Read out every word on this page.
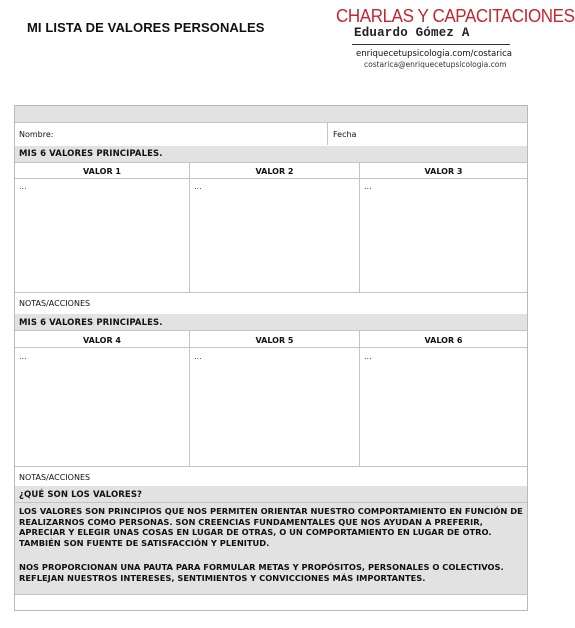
MI LISTA DE VALORES PERSONALES
CHARLAS Y CAPACITACIONES
Eduardo Gómez A
enriquecetupsicologia.com/costarica
costarica@enriquecetupsicologia.com
Nombre:	Fecha
MIS 6 VALORES PRINCIPALES.
VALOR 1	VALOR 2	VALOR 3
...	...	...
NOTAS/ACCIONES
MIS 6 VALORES PRINCIPALES.
VALOR 4	VALOR 5	VALOR 6
...	...	...
NOTAS/ACCIONES
¿QUÉ SON LOS VALORES?

LOS VALORES SON PRINCIPIOS QUE NOS PERMITEN ORIENTAR NUESTRO COMPORTAMIENTO EN FUNCIÓN DE REALIZARNOS COMO PERSONAS. SON CREENCIAS FUNDAMENTALES QUE NOS AYUDAN A PREFERIR, APRECIAR Y ELEGIR UNAS COSAS EN LUGAR DE OTRAS, O UN COMPORTAMIENTO EN LUGAR DE OTRO. TAMBIÉN SON FUENTE DE SATISFACCIÓN Y PLENITUD.

NOS PROPORCIONAN UNA PAUTA PARA FORMULAR METAS Y PROPÓSITOS, PERSONALES O COLECTIVOS. REFLEJAN NUESTROS INTERESES, SENTIMIENTOS Y CONVICCIONES MÁS IMPORTANTES.
